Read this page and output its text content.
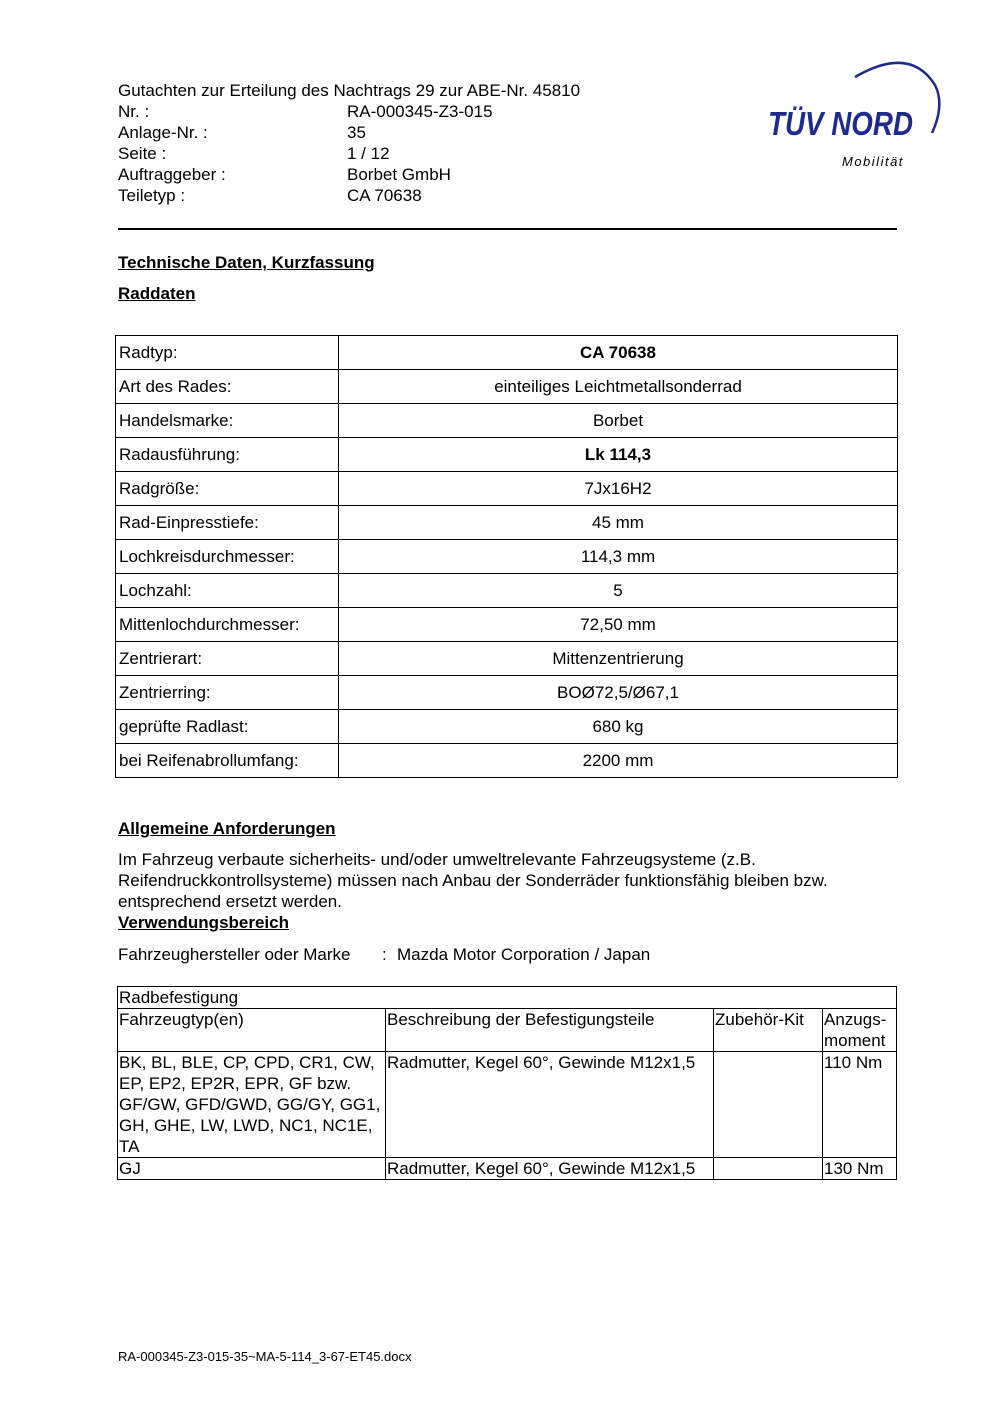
Gutachten zur Erteilung des Nachtrags 29 zur ABE-Nr. 45810
Nr. :	RA-000345-Z3-015
Anlage-Nr. :	35
Seite :	1 / 12
Auftraggeber :	Borbet GmbH
Teiletyp :	CA 70638
TÜV NORD
Mobilität
Technische Daten, Kurzfassung
Raddaten
Radtyp:	CA 70638
Art des Rades:	einteiliges Leichtmetallsonderrad
Handelsmarke:	Borbet
Radausführung:	Lk 114,3
Radgröße:	7Jx16H2
Rad-Einpresstiefe:	45 mm
Lochkreisdurchmesser:	114,3 mm
Lochzahl:	5
Mittenlochdurchmesser:	72,50 mm
Zentrierart:	Mittenzentrierung
Zentrierring:	BOØ72,5/Ø67,1
geprüfte Radlast:	680 kg
bei Reifenabrollumfang:	2200 mm
Allgemeine Anforderungen
Im Fahrzeug verbaute sicherheits- und/oder umweltrelevante Fahrzeugsysteme (z.B.
Reifendruckkontrollsysteme) müssen nach Anbau der Sonderräder funktionsfähig bleiben bzw.
entsprechend ersetzt werden.
Verwendungsbereich
Fahrzeughersteller oder Marke : Mazda Motor Corporation / Japan
Radbefestigung			
Fahrzeugtyp(en)	Beschreibung der Befestigungsteile	Zubehör-Kit	Anzugs-moment
BK, BL, BLE, CP, CPD, CR1, CW, EP, EP2, EP2R, EPR, GF bzw. GF/GW, GFD/GWD, GG/GY, GG1, GH, GHE, LW, LWD, NC1, NC1E, TA	Radmutter, Kegel 60°, Gewinde M12x1,5		110 Nm
GJ	Radmutter, Kegel 60°, Gewinde M12x1,5		130 Nm
RA-000345-Z3-015-35~MA-5-114_3-67-ET45.docx
